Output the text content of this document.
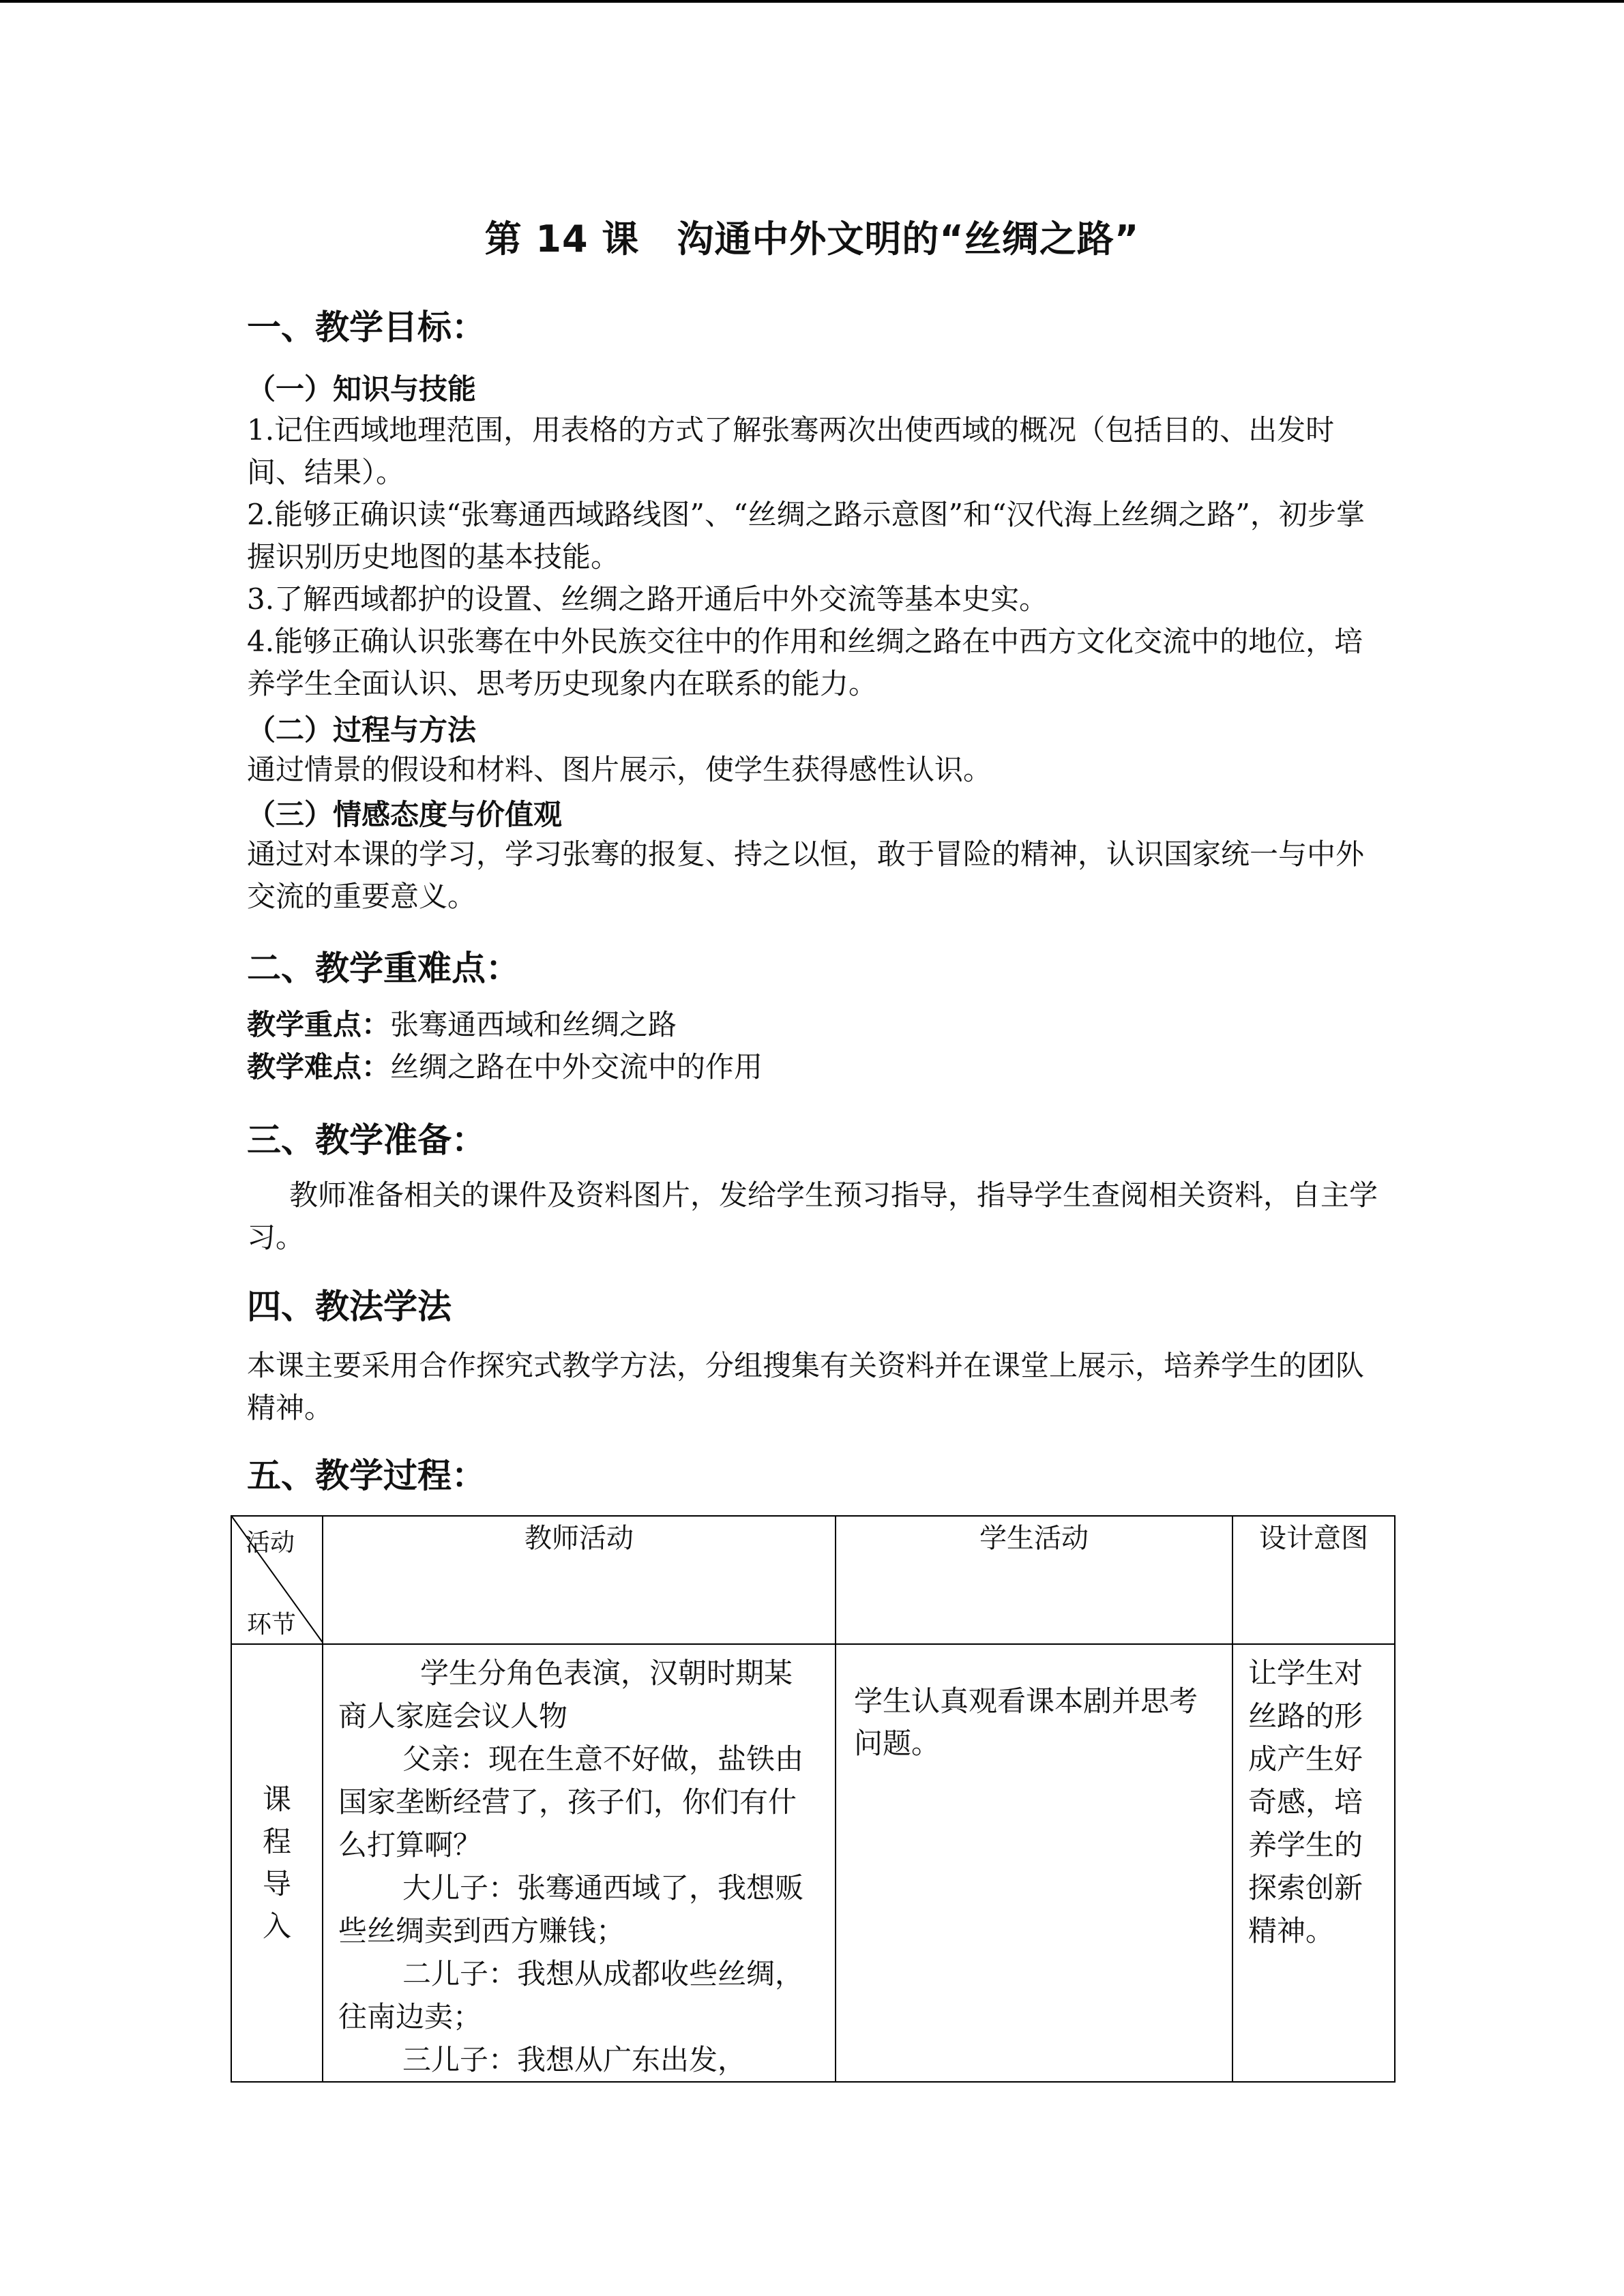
第 14 课　沟通中外文明的“丝绸之路”
一、教学目标：
（一）知识与技能
1.记住西域地理范围，用表格的方式了解张骞两次出使西域的概况（包括目的、出发时间、结果）。
2.能够正确识读“张骞通西域路线图”、“丝绸之路示意图”和“汉代海上丝绸之路”，初步掌握识别历史地图的基本技能。
3.了解西域都护的设置、丝绸之路开通后中外交流等基本史实。
4.能够正确认识张骞在中外民族交往中的作用和丝绸之路在中西方文化交流中的地位，培养学生全面认识、思考历史现象内在联系的能力。
（二）过程与方法
通过情景的假设和材料、图片展示，使学生获得感性认识。
（三）情感态度与价值观
通过对本课的学习，学习张骞的报复、持之以恒，敢于冒险的精神，认识国家统一与中外交流的重要意义。
二、教学重难点：
教学重点：张骞通西域和丝绸之路
教学难点：丝绸之路在中外交流中的作用
三、教学准备：
教师准备相关的课件及资料图片，发给学生预习指导，指导学生查阅相关资料，自主学习。
四、教法学法
本课主要采用合作探究式教学方法，分组搜集有关资料并在课堂上展示，培养学生的团队精神。
五、教学过程：
活动
环节	教师活动	学生活动	设计意图

课程导入	学生分角色表演，汉朝时期某商人家庭会议人物

父亲：现在生意不好做，盐铁由国家垄断经营了，孩子们，你们有什么打算啊？

大儿子：张骞通西域了，我想贩些丝绸卖到西方赚钱；

二儿子：我想从成都收些丝绸，往南边卖；

三儿子：我想从广东出发，	学生认真观看课本剧并思考问题。	让学生对丝路的形成产生好奇感，培养学生的探索创新精神。
